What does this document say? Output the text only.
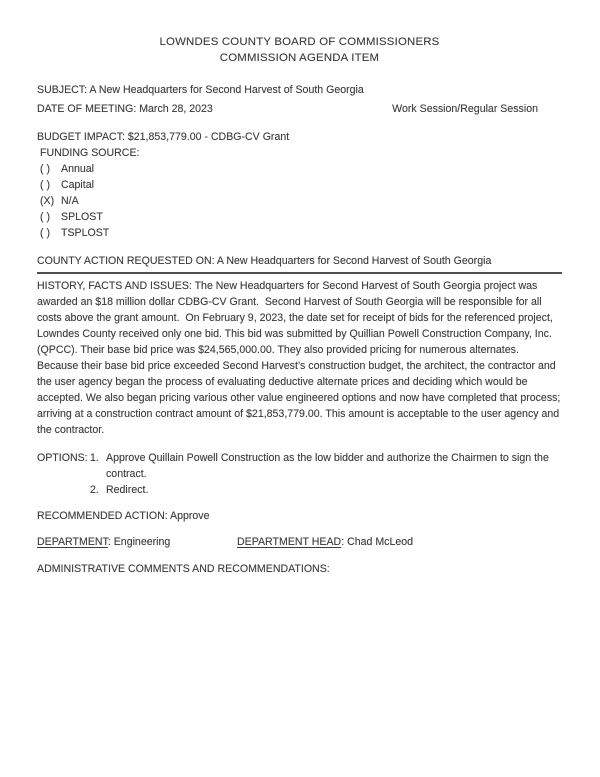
LOWNDES COUNTY BOARD OF COMMISSIONERS
COMMISSION AGENDA ITEM

SUBJECT: A New Headquarters for Second Harvest of South Georgia

DATE OF MEETING: March 28, 2023	Work Session/Regular Session

BUDGET IMPACT: $21,853,779.00 - CDBG-CV Grant

FUNDING SOURCE:
( )	Annual
( )	Capital
(X) N/A
( )	SPLOST
( )	TSPLOST
COUNTY ACTION REQUESTED ON: A New Headquarters for Second Harvest of South Georgia

HISTORY, FACTS AND ISSUES: The New Headquarters for Second Harvest of South Georgia project was awarded an $18 million dollar CDBG-CV Grant.  Second Harvest of South Georgia will be responsible for all costs above the grant amount.  On February 9, 2023, the date set for receipt of bids for the referenced project, Lowndes County received only one bid. This bid was submitted by Quillian Powell Construction Company, Inc. (QPCC). Their base bid price was $24,565,000.00. They also provided pricing for numerous alternates. Because their base bid price exceeded Second Harvest’s construction budget, the architect, the contractor and the user agency began the process of evaluating deductive alternate prices and deciding which would be accepted. We also began pricing various other value engineered options and now have completed that process; arriving at a construction contract amount of $21,853,779.00. This amount is acceptable to the user agency and the contractor.

OPTIONS: 1. Approve Quillain Powell Construction as the low bidder and authorize the Chairmen to sign the contract.
2. Redirect.

RECOMMENDED ACTION: Approve

DEPARTMENT: Engineering	DEPARTMENT HEAD: Chad McLeod

ADMINISTRATIVE COMMENTS AND RECOMMENDATIONS:
